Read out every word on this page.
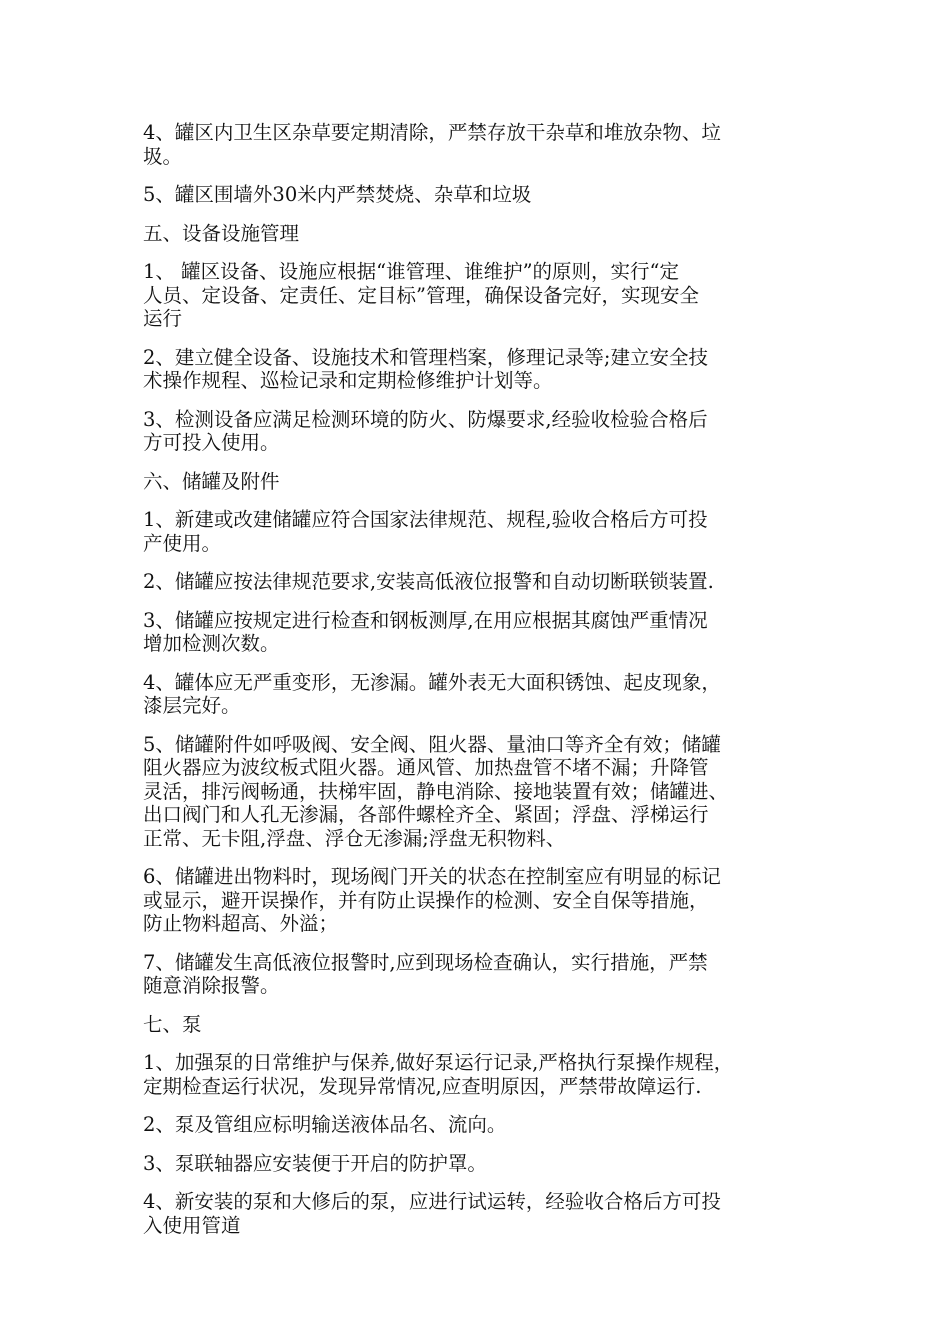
4、罐区内卫生区杂草要定期清除，严禁存放干杂草和堆放杂物、垃
圾。

5、罐区围墙外30米内严禁焚烧、杂草和垃圾

五、设备设施管理

1、 罐区设备、设施应根据“谁管理、谁维护”的原则，实行“定
人员、定设备、定责任、定目标”管理，确保设备完好，实现安全
运行

2、建立健全设备、设施技术和管理档案，修理记录等;建立安全技
术操作规程、巡检记录和定期检修维护计划等。

3、检测设备应满足检测环境的防火、防爆要求,经验收检验合格后
方可投入使用。

六、储罐及附件

1、新建或改建储罐应符合国家法律规范、规程,验收合格后方可投
产使用。

2、储罐应按法律规范要求,安装高低液位报警和自动切断联锁装置.

3、储罐应按规定进行检查和钢板测厚,在用应根据其腐蚀严重情况
增加检测次数。

4、罐体应无严重变形，无渗漏。罐外表无大面积锈蚀、起皮现象，
漆层完好。

5、储罐附件如呼吸阀、安全阀、阻火器、量油口等齐全有效；储罐
阻火器应为波纹板式阻火器。通风管、加热盘管不堵不漏；升降管
灵活，排污阀畅通，扶梯牢固，静电消除、接地装置有效；储罐进、
出口阀门和人孔无渗漏，各部件螺栓齐全、紧固；浮盘、浮梯运行
正常、无卡阻,浮盘、浮仓无渗漏;浮盘无积物料、

6、储罐进出物料时，现场阀门开关的状态在控制室应有明显的标记
或显示，避开误操作，并有防止误操作的检测、安全自保等措施，
防止物料超高、外溢；

7、储罐发生高低液位报警时,应到现场检查确认，实行措施，严禁
随意消除报警。

七、泵

1、加强泵的日常维护与保养,做好泵运行记录,严格执行泵操作规程，
定期检查运行状况，发现异常情况,应查明原因，严禁带故障运行.

2、泵及管组应标明输送液体品名、流向。

3、泵联轴器应安装便于开启的防护罩。

4、新安装的泵和大修后的泵，应进行试运转，经验收合格后方可投
入使用管道
